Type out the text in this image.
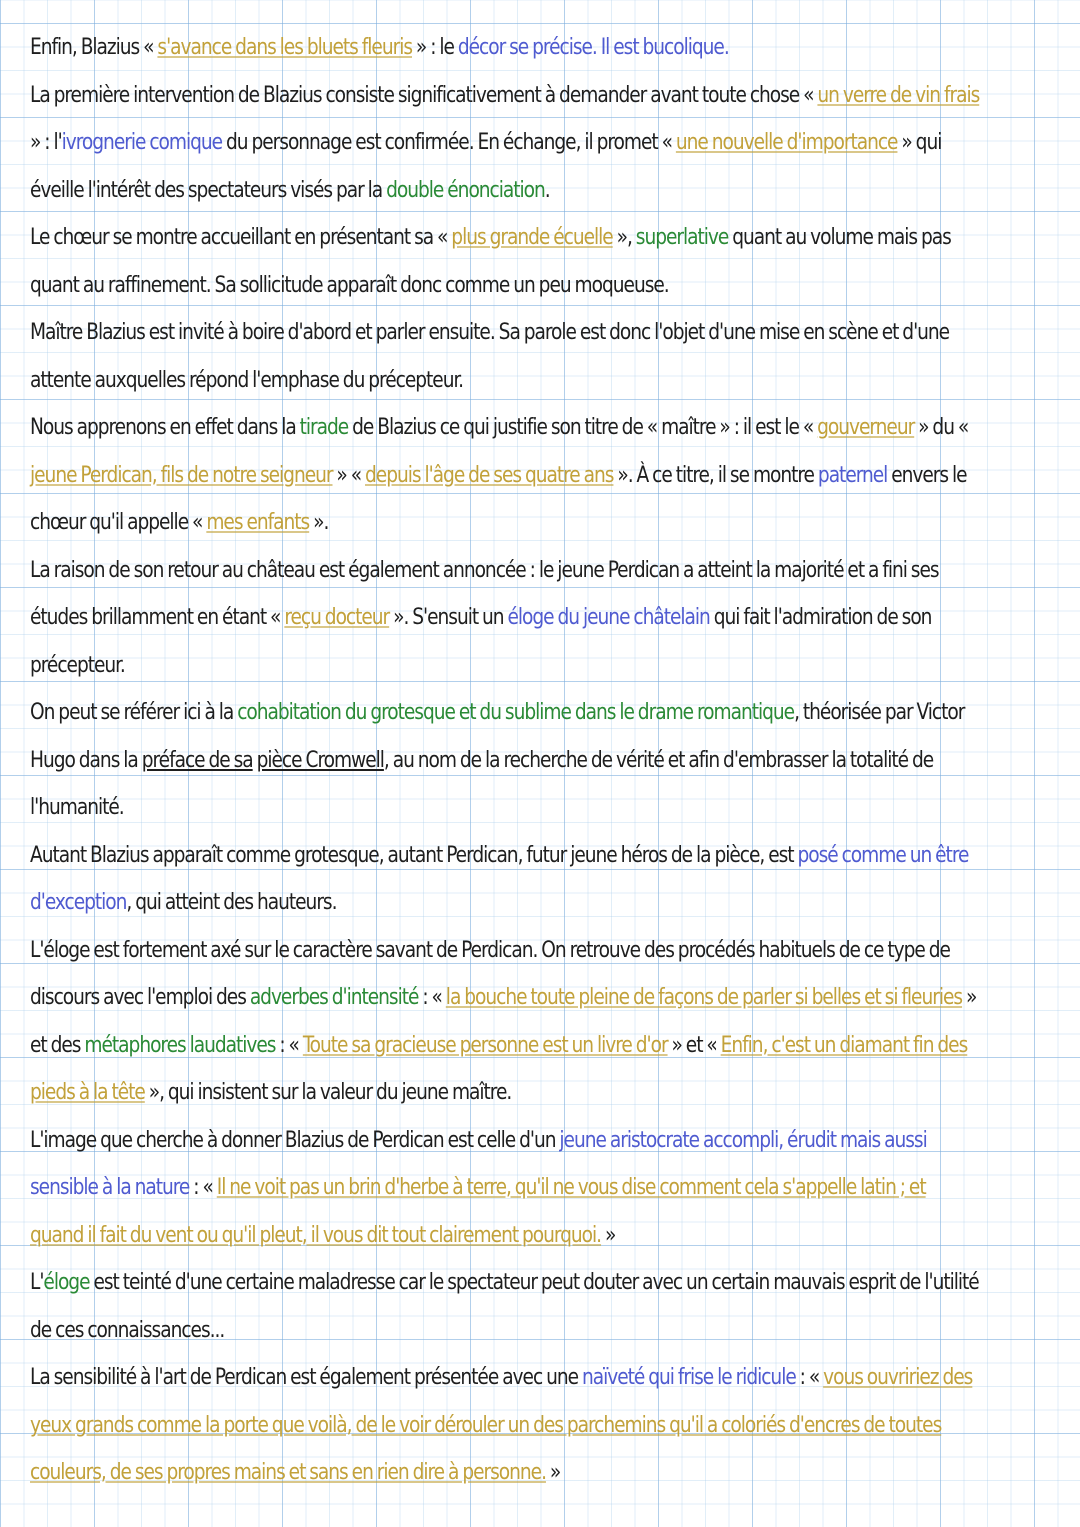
Enfin, Blazius « s'avance dans les bluets fleuris » : le décor se précise. Il est bucolique.

La première intervention de Blazius consiste significativement à demander avant toute chose « un verre de vin frais » : l'ivrognerie comique du personnage est confirmée. En échange, il promet « une nouvelle d'importance » qui éveille l'intérêt des spectateurs visés par la double énonciation.

Le chœur se montre accueillant en présentant sa « plus grande écuelle », superlative quant au volume mais pas quant au raffinement. Sa sollicitude apparaît donc comme un peu moqueuse.

Maître Blazius est invité à boire d'abord et parler ensuite. Sa parole est donc l'objet d'une mise en scène et d'une attente auxquelles répond l'emphase du précepteur.

Nous apprenons en effet dans la tirade de Blazius ce qui justifie son titre de « maître » : il est le « gouverneur » du « jeune Perdican, fils de notre seigneur » « depuis l'âge de ses quatre ans ». À ce titre, il se montre paternel envers le chœur qu'il appelle « mes enfants ».

La raison de son retour au château est également annoncée : le jeune Perdican a atteint la majorité et a fini ses études brillamment en étant « reçu docteur ». S'ensuit un éloge du jeune châtelain qui fait l'admiration de son précepteur.

On peut se référer ici à la cohabitation du grotesque et du sublime dans le drame romantique, théorisée par Victor Hugo dans la préface de sa pièce Cromwell, au nom de la recherche de vérité et afin d'embrasser la totalité de l'humanité.

Autant Blazius apparaît comme grotesque, autant Perdican, futur jeune héros de la pièce, est posé comme un être d'exception, qui atteint des hauteurs.

L'éloge est fortement axé sur le caractère savant de Perdican. On retrouve des procédés habituels de ce type de discours avec l'emploi des adverbes d'intensité : « la bouche toute pleine de façons de parler si belles et si fleuries » et des métaphores laudatives : « Toute sa gracieuse personne est un livre d'or » et « Enfin, c'est un diamant fin des pieds à la tête », qui insistent sur la valeur du jeune maître.

L'image que cherche à donner Blazius de Perdican est celle d'un jeune aristocrate accompli, érudit mais aussi sensible à la nature : « Il ne voit pas un brin d'herbe à terre, qu'il ne vous dise comment cela s'appelle latin ; et quand il fait du vent ou qu'il pleut, il vous dit tout clairement pourquoi. »

L'éloge est teinté d'une certaine maladresse car le spectateur peut douter avec un certain mauvais esprit de l'utilité de ces connaissances...

La sensibilité à l'art de Perdican est également présentée avec une naïveté qui frise le ridicule : « vous ouvririez des yeux grands comme la porte que voilà, de le voir dérouler un des parchemins qu'il a coloriés d'encres de toutes couleurs, de ses propres mains et sans en rien dire à personne. »
